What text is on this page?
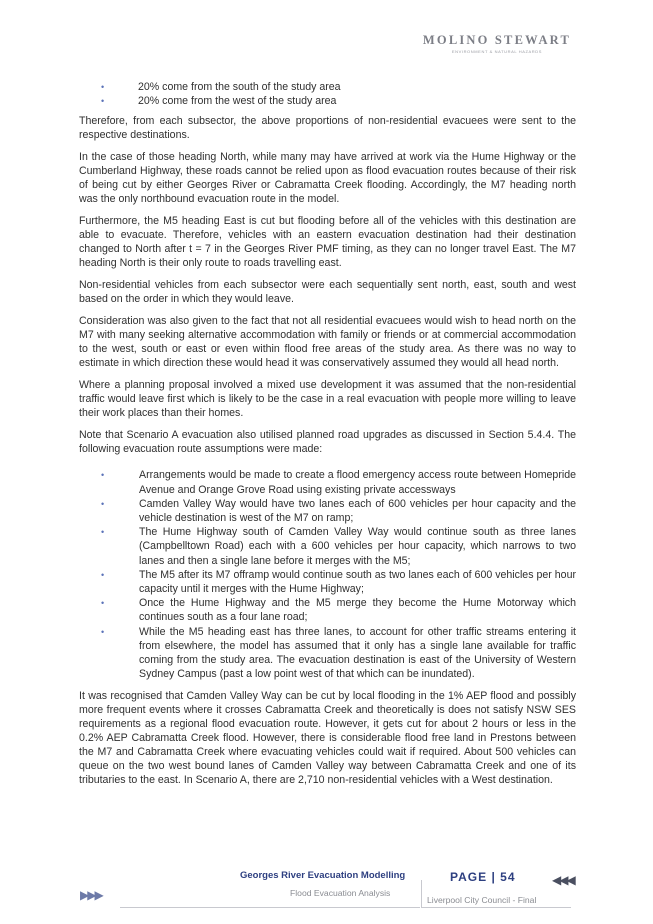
MOLINO STEWART
ENVIRONMENT & NATURAL HAZARDS
• 20% come from the south of the study area
• 20% come from the west of the study area

Therefore, from each subsector, the above proportions of non-residential evacuees were sent to the respective destinations.

In the case of those heading North, while many may have arrived at work via the Hume Highway or the Cumberland Highway, these roads cannot be relied upon as flood evacuation routes because of their risk of being cut by either Georges River or Cabramatta Creek flooding. Accordingly, the M7 heading north was the only northbound evacuation route in the model.

Furthermore, the M5 heading East is cut but flooding before all of the vehicles with this destination are able to evacuate. Therefore, vehicles with an eastern evacuation destination had their destination changed to North after t = 7 in the Georges River PMF timing, as they can no longer travel East. The M7 heading North is their only route to roads travelling east.

Non-residential vehicles from each subsector were each sequentially sent north, east, south and west based on the order in which they would leave.

Consideration was also given to the fact that not all residential evacuees would wish to head north on the M7 with many seeking alternative accommodation with family or friends or at commercial accommodation to the west, south or east or even within flood free areas of the study area. As there was no way to estimate in which direction these would head it was conservatively assumed they would all head north.

Where a planning proposal involved a mixed use development it was assumed that the non-residential traffic would leave first which is likely to be the case in a real evacuation with people more willing to leave their work places than their homes.

Note that Scenario A evacuation also utilised planned road upgrades as discussed in Section 5.4.4. The following evacuation route assumptions were made:

• Arrangements would be made to create a flood emergency access route between Homepride Avenue and Orange Grove Road using existing private accessways
• Camden Valley Way would have two lanes each of 600 vehicles per hour capacity and the vehicle destination is west of the M7 on ramp;
• The Hume Highway south of Camden Valley Way would continue south as three lanes (Campbelltown Road) each with a 600 vehicles per hour capacity, which narrows to two lanes and then a single lane before it merges with the M5;
• The M5 after its M7 offramp would continue south as two lanes each of 600 vehicles per hour capacity until it merges with the Hume Highway;
• Once the Hume Highway and the M5 merge they become the Hume Motorway which continues south as a four lane road;
• While the M5 heading east has three lanes, to account for other traffic streams entering it from elsewhere, the model has assumed that it only has a single lane available for traffic coming from the study area. The evacuation destination is east of the University of Western Sydney Campus (past a low point west of that which can be inundated).

It was recognised that Camden Valley Way can be cut by local flooding in the 1% AEP flood and possibly more frequent events where it crosses Cabramatta Creek and theoretically is does not satisfy NSW SES requirements as a regional flood evacuation route. However, it gets cut for about 2 hours or less in the 0.2% AEP Cabramatta Creek flood. However, there is considerable flood free land in Prestons between the M7 and Cabramatta Creek where evacuating vehicles could wait if required. About 500 vehicles can queue on the two west bound lanes of Camden Valley way between Cabramatta Creek and one of its tributaries to the east. In Scenario A, there are 2,710 non-residential vehicles with a West destination.

Georges River Evacuation Modelling	PAGE | 54
Flood Evacuation Analysis
Liverpool City Council - Final
▶▶▶
◀◀◀
